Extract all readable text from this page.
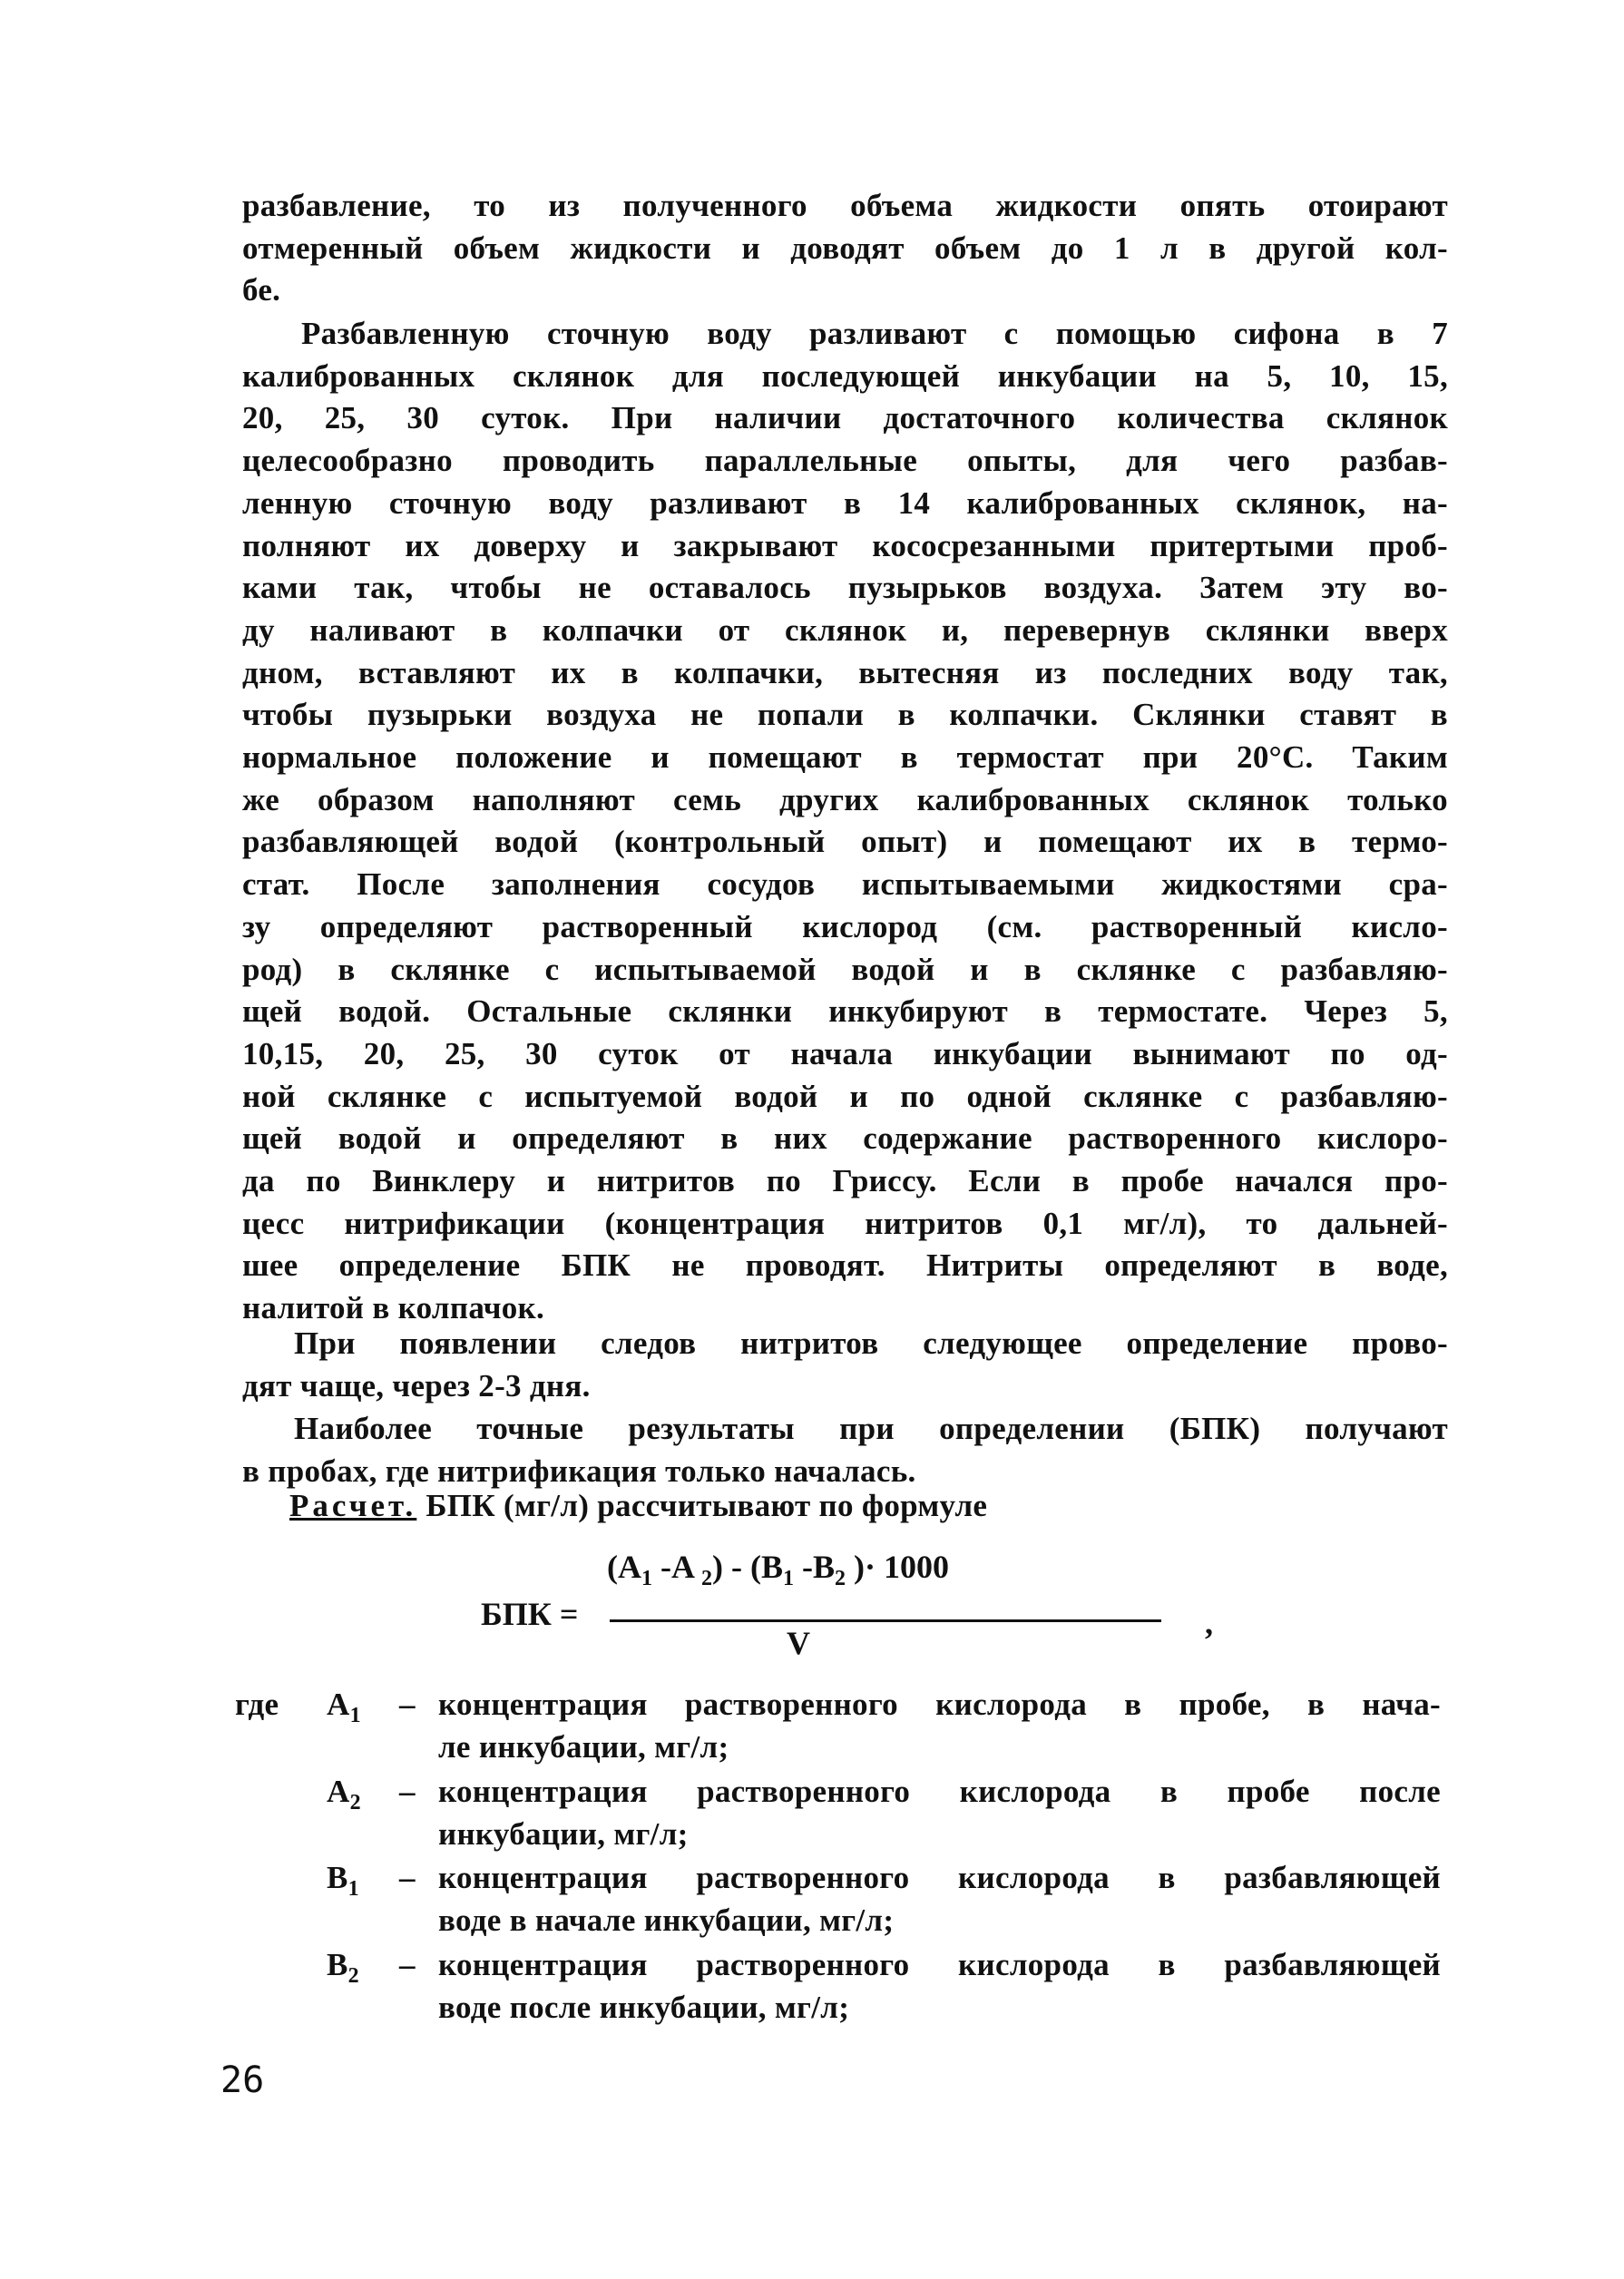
разбавление, то из полученного объема жидкости опять отоирают
отмеренный объем жидкости и доводят объем до 1 л в другой кол-
бе.
Разбавленную сточную воду разливают с помощью сифона в 7
калиброванных склянок для последующей инкубации на 5, 10, 15,
20, 25, 30 суток. При наличии достаточного количества склянок
целесообразно проводить параллельные опыты, для чего разбав-
ленную сточную воду разливают в 14 калиброванных склянок, на-
полняют их доверху и закрывают кососрезанными притертыми проб-
ками так, чтобы не оставалось пузырьков воздуха. Затем эту во-
ду наливают в колпачки от склянок и, перевернув склянки вверх
дном, вставляют их в колпачки, вытесняя из последних воду так,
чтобы пузырьки воздуха не попали в колпачки. Склянки ставят в
нормальное положение и помещают в термостат при 20°С. Таким
же образом наполняют семь других калиброванных склянок только
разбавляющей водой (контрольный опыт) и помещают их в термо-
стат. После заполнения сосудов испытываемыми жидкостями сра-
зу определяют растворенный кислород (см. растворенный кисло-
род) в склянке с испытываемой водой и в склянке с разбавляю-
щей водой. Остальные склянки инкубируют в термостате. Через 5,
10,15, 20, 25, 30 суток от начала инкубации вынимают по од-
ной склянке с испытуемой водой и по одной склянке с разбавляю-
щей водой и определяют в них содержание растворенного кислоро-
да по Винклеру и нитритов по Гриссу. Если в пробе начался про-
цесс нитрификации (концентрация нитритов 0,1 мг/л), то дальней-
шее определение БПК не проводят. Нитриты определяют в воде,
налитой в колпачок.
При появлении следов нитритов следующее определение прово-
дят чаще, через 2-3 дня.
Наиболее точные результаты при определении (БПК) получают
в пробах, где нитрификация только началась.
Расчет. БПК (мг/л) рассчитывают по формуле
($A_1$ -A $_2) - (B_1$ $-B_2$ )· 1000
БПК =
V
,
где $A_1$ – концентрация растворенного кислорода в пробе, в нача-
ле инкубации, мг/л;
$A_2$ – концентрация растворенного кислорода в пробе после
инкубации, мг/л;
$B_1$ – концентрация растворенного кислорода в разбавляющей
воде в начале инкубации, мг/л;
$B_2$ – концентрация растворенного кислорода в разбавляющей
воде после инкубации, мг/л;
26
